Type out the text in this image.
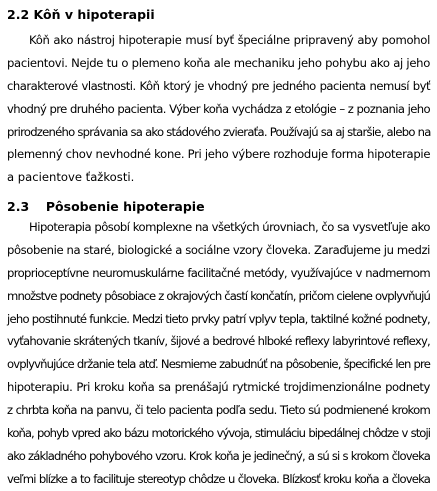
2.2 Kôň v hipoterapii
Kôň ako nástroj hipoterapie musí byť špeciálne pripravený aby pomohol
pacientovi. Nejde tu o plemeno koňa ale mechaniku jeho pohybu ako aj jeho
charakterové vlastnosti. Kôň ktorý je vhodný pre jedného pacienta nemusí byť
vhodný pre druhého pacienta. Výber koňa vychádza z etológie – z poznania jeho
prirodzeného správania sa ako stádového zvieraťa. Používajú sa aj staršie, alebo na
plemenný chov nevhodné kone. Pri jeho výbere rozhoduje forma hipoterapie
a pacientove ťažkosti.
2.3 Pôsobenie hipoterapie
Hipoterapia pôsobí komplexne na všetkých úrovniach, čo sa vysvetľuje ako
pôsobenie na staré, biologické a sociálne vzory človeka. Zaraďujeme ju medzi
proprioceptívne neuromuskulárne facilitačné metódy, využívajúce v nadmernom
množstve podnety pôsobiace z okrajových častí končatín, pričom cielene ovplyvňujú
jeho postihnuté funkcie. Medzi tieto prvky patrí vplyv tepla, taktilné kožné podnety,
vyťahovanie skrátených tkanív, šijové a bedrové hlboké reflexy labyrintové reflexy,
ovplyvňujúce držanie tela atď. Nesmieme zabudnúť na pôsobenie, špecifické len pre
hipoterapiu. Pri kroku koňa sa prenášajú rytmické trojdimenzionálne podnety
z chrbta koňa na panvu, či telo pacienta podľa sedu. Tieto sú podmienené krokom
koňa, pohyb vpred ako bázu motorického vývoja, stimuláciu bipedálnej chôdze v stoji
ako základného pohybového vzoru. Krok koňa je jedinečný, a sú si s krokom človeka
veľmi blízke a to facilituje stereotyp chôdze u človeka. Blízkosť kroku koňa a človeka
